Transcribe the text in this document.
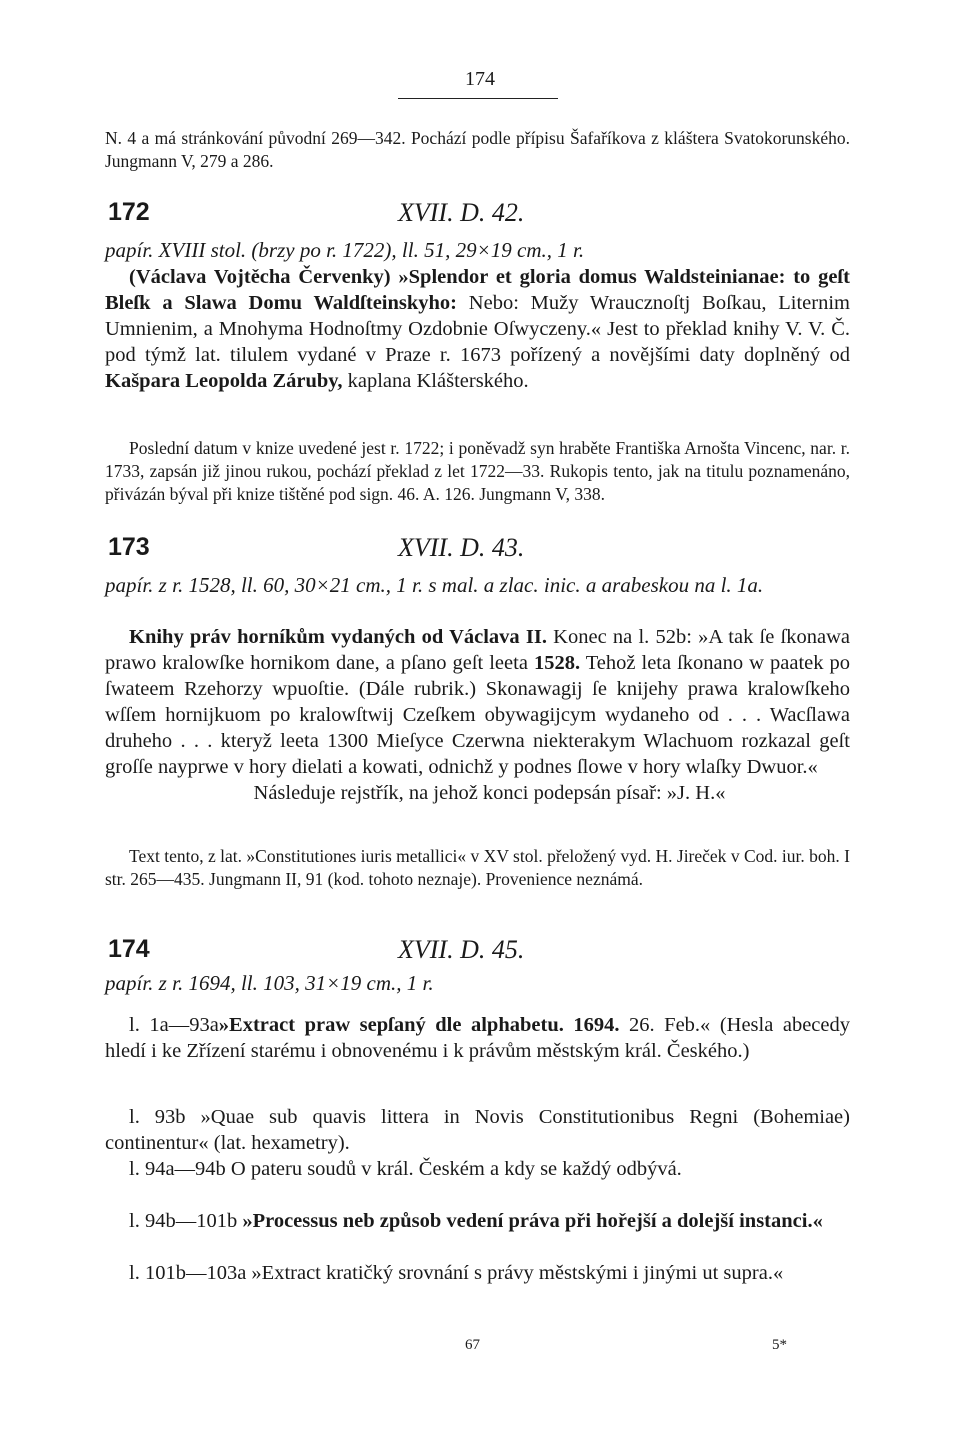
174

N. 4 a má stránkování původní 269—342. Pochází podle přípisu Šafaříkova z kláštera Svatokorunského. Jungmann V, 279 a 286.

172	XVII. D. 42.
papír. XVIII stol. (brzy po r. 1722), ll. 51, 29×19 cm., 1 r.
(Václava Vojtěcha Červenky) »Splendor et gloria domus Waldsteinianae: to geſt Bleſk a Slawa Domu Waldſteinskyho: Nebo: Mužy Wraucznoſtj Boſkau, Liternim Umnienim, a Mnohyma Hodnoſtmy Ozdobnie Oſwyczeny.« Jest to překlad knihy V. V. Č. pod týmž lat. tilulem vydané v Praze r. 1673 pořízený a novějšími daty doplněný od Kašpara Leopolda Záruby, kaplana Klášterského.

Poslední datum v knize uvedené jest r. 1722; i poněvadž syn hraběte Františka Arnošta Vincenc, nar. r. 1733, zapsán již jinou rukou, pochází překlad z let 1722—33. Rukopis tento, jak na titulu poznamenáno, přivázán býval při knize tištěné pod sign. 46. A. 126. Jungmann V, 338.

173	XVII. D. 43.
papír. z r. 1528, ll. 60, 30×21 cm., 1 r. s mal. a zlac. inic. a arabeskou na l. 1a.
Knihy práv horníkům vydaných od Václava II. Konec na l. 52b: »A tak ſe ſkonawa prawo kralowſke hornikom dane, a pſano geſt leeta 1528. Tehož leta ſkonano w paatek po ſwateem Rzehorzy wpuoſtie. (Dále rubrik.) Skonawagij ſe knijehy prawa kralowſkeho wſſem hornijkuom po kralowſtwij Czeſkem obywagijcym wydaneho od . . . Wacſlawa druheho . . . kteryž leeta 1300 Mieſyce Czerwna niekterakym Wlachuom rozkazal geſt groſſe nayprwe v hory dielati a kowati, odnichž y podnes ſlowe v hory wlaſky Dwuor.«

Následuje rejstřík, na jehož konci podepsán písař: »J. H.«

Text tento, z lat. »Constitutiones iuris metallici« v XV stol. přeložený vyd. H. Jireček v Cod. iur. boh. I str. 265—435. Jungmann II, 91 (kod. tohoto neznaje). Provenience neznámá.

174	XVII. D. 45.
papír. z r. 1694, ll. 103, 31×19 cm., 1 r.
l. 1a—93a»Extract praw sepſaný dle alphabetu. 1694. 26. Feb.« (Hesla abecedy hledí i ke Zřízení starému i obnovenému i k právům městským král. Českého.)
l. 93b »Quae sub quavis littera in Novis Constitutionibus Regni (Bohemiae) continentur« (lat. hexametry).
l. 94a—94b O pateru soudů v král. Českém a kdy se každý odbývá.
l. 94b—101b »Processus neb způsob vedení práva při hořejší a dolejší instanci.«
l. 101b—103a »Extract kratičký srovnání s právy městskými i jinými ut supra.«
67	5*
